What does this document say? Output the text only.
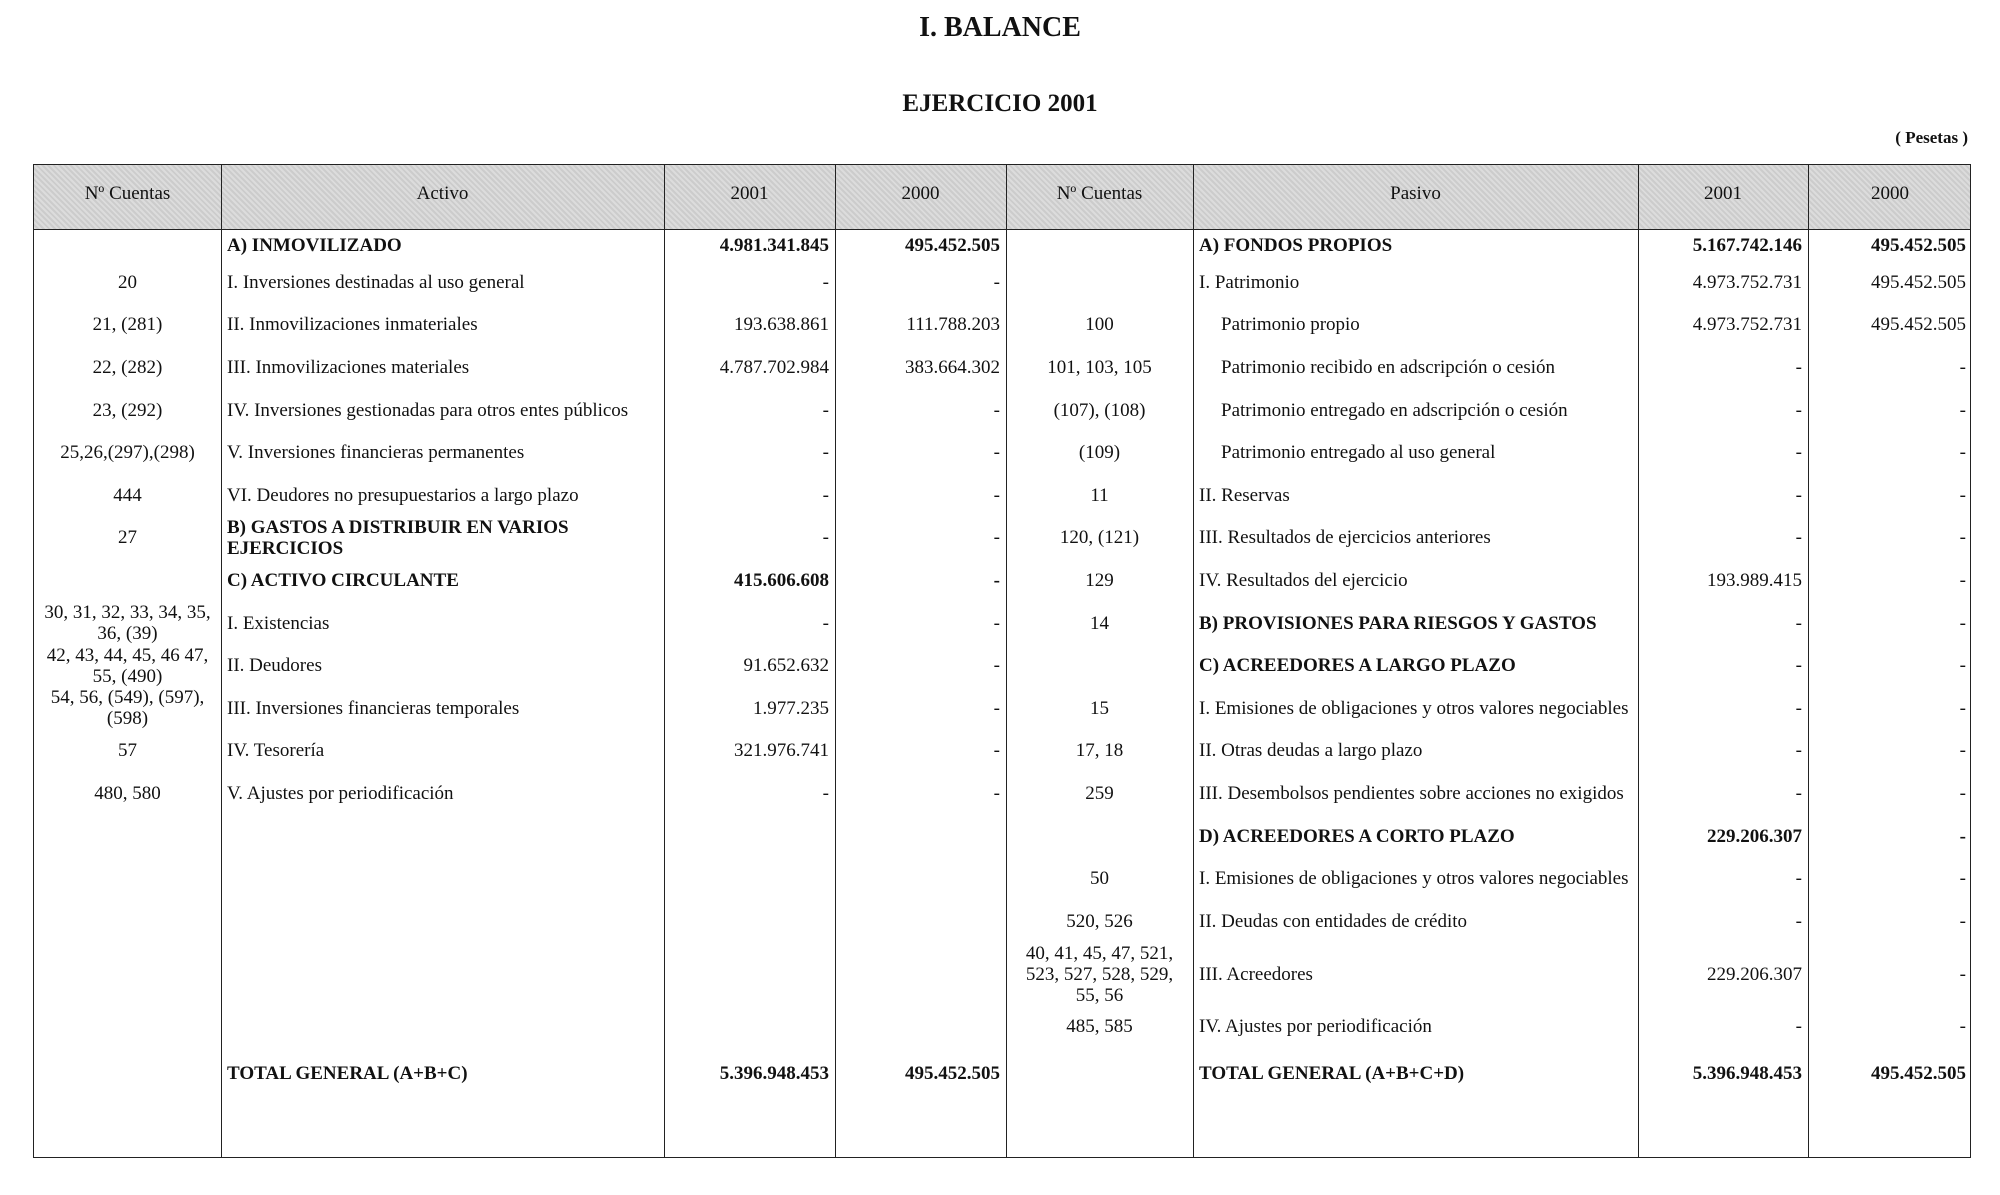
I. BALANCE
EJERCICIO 2001
( Pesetas )
Nº Cuentas	Activo	2001	2000	Nº Cuentas	Pasivo	2001	2000
	A) INMOVILIZADO	4.981.341.845	495.452.505		A) FONDOS PROPIOS	5.167.742.146	495.452.505
20	I. Inversiones destinadas al uso general	-	-		I. Patrimonio	4.973.752.731	495.452.505
21, (281)	II. Inmovilizaciones inmateriales	193.638.861	111.788.203	100	Patrimonio propio	4.973.752.731	495.452.505
22, (282)	III. Inmovilizaciones materiales	4.787.702.984	383.664.302	101, 103, 105	Patrimonio recibido en adscripción o cesión	-	-
23, (292)	IV. Inversiones gestionadas para otros entes públicos	-	-	(107), (108)	Patrimonio entregado en adscripción o cesión	-	-
25,26,(297),(298)	V. Inversiones financieras permanentes	-	-	(109)	Patrimonio entregado al uso general	-	-
444	VI. Deudores no presupuestarios a largo plazo	-	-	11	II. Reservas	-	-
27	B) GASTOS A DISTRIBUIR EN VARIOS EJERCICIOS	-	-	120, (121)	III. Resultados de ejercicios anteriores	-	-
	C) ACTIVO CIRCULANTE	415.606.608	-	129	IV. Resultados del ejercicio	193.989.415	-
30, 31, 32, 33, 34, 35, 36, (39)	I. Existencias	-	-	14	B) PROVISIONES PARA RIESGOS Y GASTOS	-	-
42, 43, 44, 45, 46 47, 55, (490)	II. Deudores	91.652.632	-		C) ACREEDORES A LARGO PLAZO	-	-
54, 56, (549), (597), (598)	III. Inversiones financieras temporales	1.977.235	-	15	I. Emisiones de obligaciones y otros valores negociables	-	-
57	IV. Tesorería	321.976.741	-	17, 18	II. Otras deudas a largo plazo	-	-
480, 580	V. Ajustes por periodificación	-	-	259	III. Desembolsos pendientes sobre acciones no exigidos	-	-
					D) ACREEDORES A CORTO PLAZO	229.206.307	-
				50	I. Emisiones de obligaciones y otros valores negociables	-	-
				520, 526	II. Deudas con entidades de crédito	-	-
				40, 41, 45, 47, 521, 523, 527, 528, 529, 55, 56	III. Acreedores	229.206.307	-
				485, 585	IV. Ajustes por periodificación	-	-
	TOTAL GENERAL (A+B+C)	5.396.948.453	495.452.505		TOTAL GENERAL (A+B+C+D)	5.396.948.453	495.452.505
